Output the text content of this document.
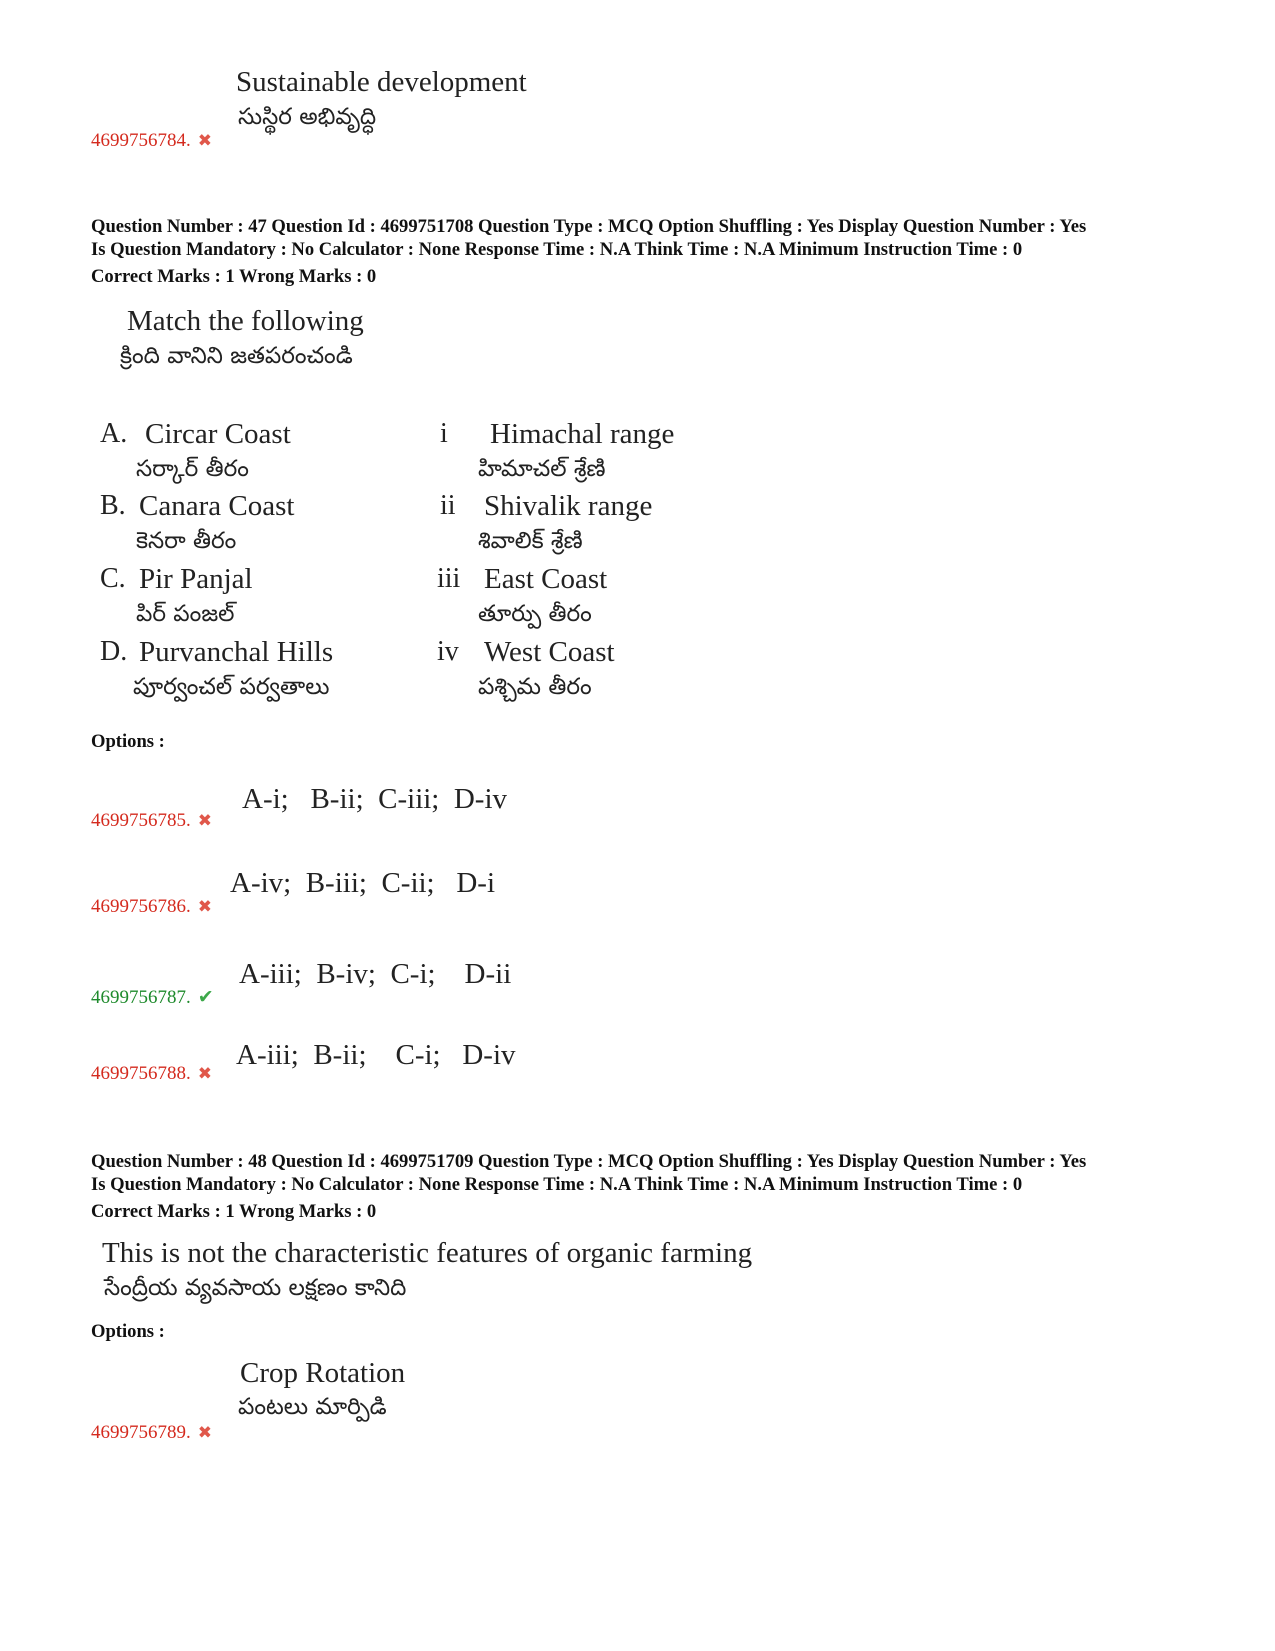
Sustainable development
సుస్థిర అభివృద్ధి
4699756784. ✖
Question Number : 47 Question Id : 4699751708 Question Type : MCQ Option Shuffling : Yes Display Question Number : Yes
Is Question Mandatory : No Calculator : None Response Time : N.A Think Time : N.A Minimum Instruction Time : 0
Correct Marks : 1 Wrong Marks : 0
Match the following
క్రింది వానిని జతపరంచండి
A. Circar Coast
సర్కార్ తీరం
B. Canara Coast
కెనరా తీరం
C. Pir Panjal
పిర్ పంజల్
D. Purvanchal Hills
పూర్వంచల్ పర్వతాలు
i Himachal range
హిమాచల్ శ్రేణి
ii Shivalik range
శివాలిక్ శ్రేణి
iii East Coast
తూర్పు తీరం
iv West Coast
పశ్చిమ తీరం
Options :
A-i;   B-ii;  C-iii;  D-iv
4699756785. ✖
A-iv;  B-iii;  C-ii;   D-i
4699756786. ✖
A-iii;  B-iv;  C-i;    D-ii
4699756787. ✔
A-iii;  B-ii;    C-i;   D-iv
4699756788. ✖
Question Number : 48 Question Id : 4699751709 Question Type : MCQ Option Shuffling : Yes Display Question Number : Yes
Is Question Mandatory : No Calculator : None Response Time : N.A Think Time : N.A Minimum Instruction Time : 0
Correct Marks : 1 Wrong Marks : 0
This is not the characteristic features of organic farming
సేంద్రీయ వ్యవసాయ లక్షణం కానిది
Options :
Crop Rotation
పంటలు మార్పిడి
4699756789. ✖
